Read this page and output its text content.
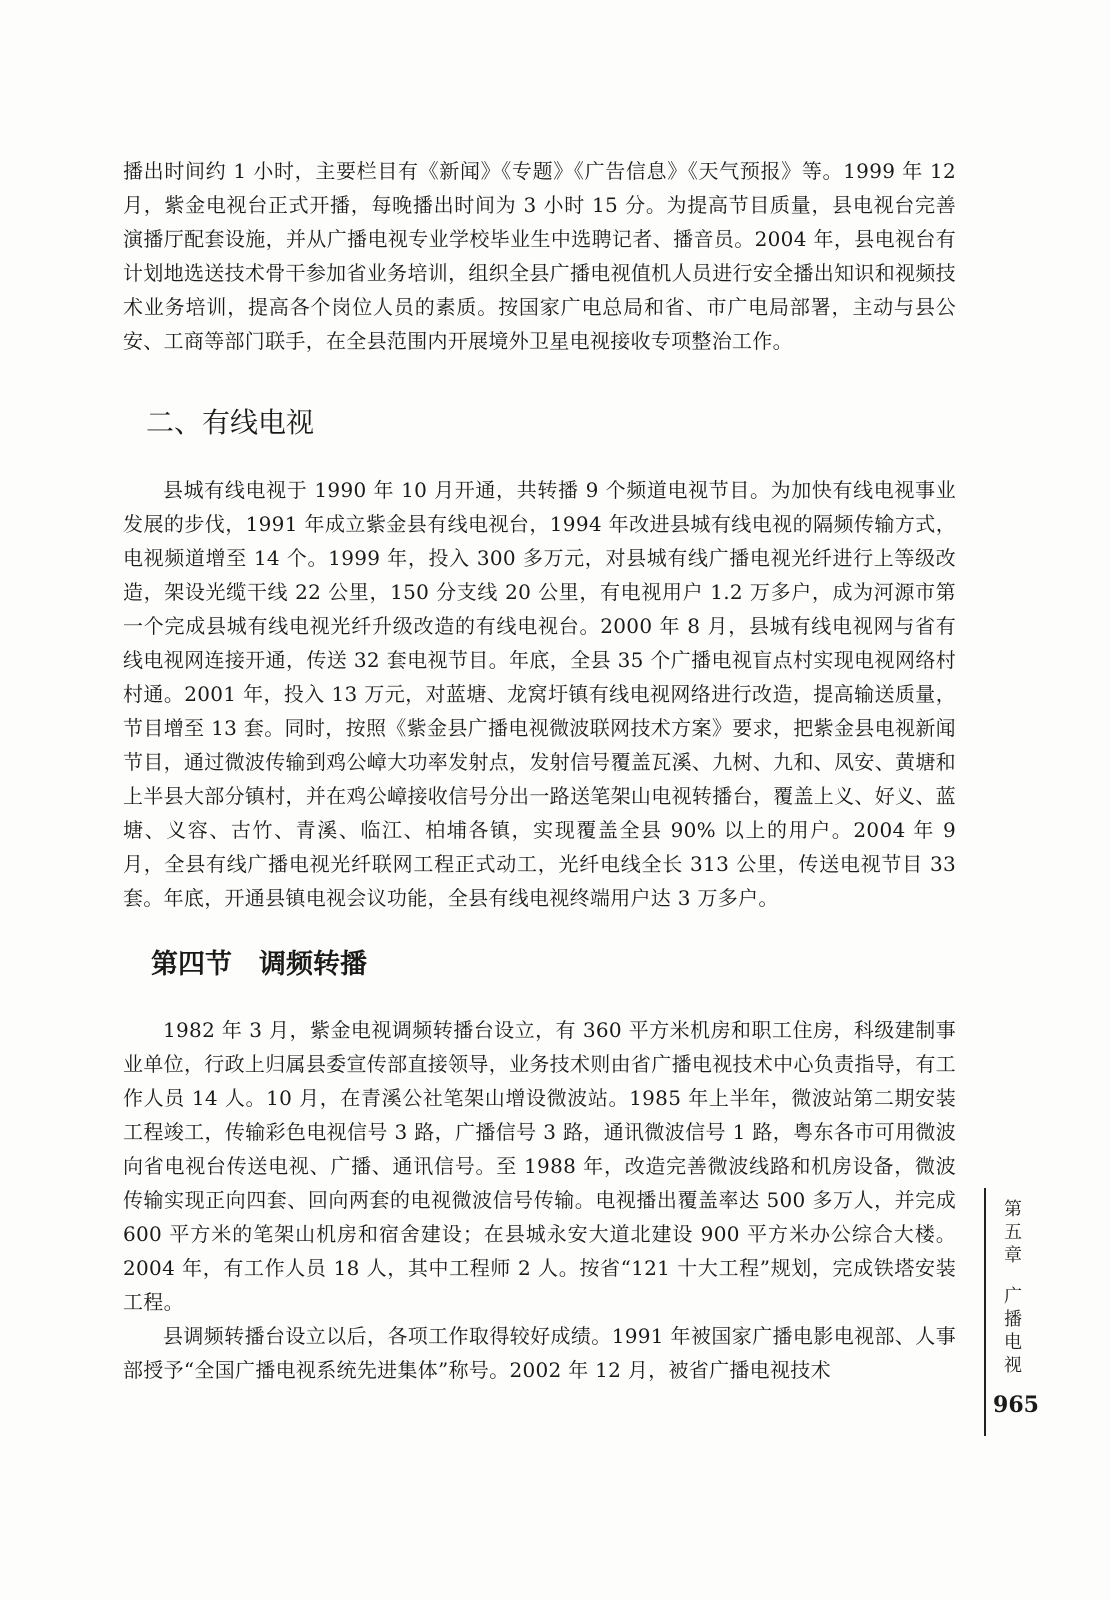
播出时间约 1 小时，主要栏目有《新闻》《专题》《广告信息》《天气预报》等。1999 年 12 月，紫金电视台正式开播，每晚播出时间为 3 小时 15 分。为提高节目质量，县电视台完善演播厅配套设施，并从广播电视专业学校毕业生中选聘记者、播音员。2004 年，县电视台有计划地选送技术骨干参加省业务培训，组织全县广播电视值机人员进行安全播出知识和视频技术业务培训，提高各个岗位人员的素质。按国家广电总局和省、市广电局部署，主动与县公安、工商等部门联手，在全县范围内开展境外卫星电视接收专项整治工作。

二、有线电视

县城有线电视于 1990 年 10 月开通，共转播 9 个频道电视节目。为加快有线电视事业发展的步伐，1991 年成立紫金县有线电视台，1994 年改进县城有线电视的隔频传输方式，电视频道增至 14 个。1999 年，投入 300 多万元，对县城有线广播电视光纤进行上等级改造，架设光缆干线 22 公里，150 分支线 20 公里，有电视用户 1.2 万多户，成为河源市第一个完成县城有线电视光纤升级改造的有线电视台。2000 年 8 月，县城有线电视网与省有线电视网连接开通，传送 32 套电视节目。年底，全县 35 个广播电视盲点村实现电视网络村村通。2001 年，投入 13 万元，对蓝塘、龙窝圩镇有线电视网络进行改造，提高输送质量，节目增至 13 套。同时，按照《紫金县广播电视微波联网技术方案》要求，把紫金县电视新闻节目，通过微波传输到鸡公嶂大功率发射点，发射信号覆盖瓦溪、九树、九和、凤安、黄塘和上半县大部分镇村，并在鸡公嶂接收信号分出一路送笔架山电视转播台，覆盖上义、好义、蓝塘、义容、古竹、青溪、临江、柏埔各镇，实现覆盖全县 90% 以上的用户。2004 年 9 月，全县有线广播电视光纤联网工程正式动工，光纤电线全长 313 公里，传送电视节目 33 套。年底，开通县镇电视会议功能，全县有线电视终端用户达 3 万多户。

第四节　调频转播

1982 年 3 月，紫金电视调频转播台设立，有 360 平方米机房和职工住房，科级建制事业单位，行政上归属县委宣传部直接领导，业务技术则由省广播电视技术中心负责指导，有工作人员 14 人。10 月，在青溪公社笔架山增设微波站。1985 年上半年，微波站第二期安装工程竣工，传输彩色电视信号 3 路，广播信号 3 路，通讯微波信号 1 路，粤东各市可用微波向省电视台传送电视、广播、通讯信号。至 1988 年，改造完善微波线路和机房设备，微波传输实现正向四套、回向两套的电视微波信号传输。电视播出覆盖率达 500 多万人，并完成 600 平方米的笔架山机房和宿舍建设；在县城永安大道北建设 900 平方米办公综合大楼。2004 年，有工作人员 18 人，其中工程师 2 人。按省“121 十大工程”规划，完成铁塔安装工程。

县调频转播台设立以后，各项工作取得较好成绩。1991 年被国家广播电影电视部、人事部授予“全国广播电视系统先进集体”称号。2002 年 12 月，被省广播电视技术

第
五
章
广
播
电
视
965
